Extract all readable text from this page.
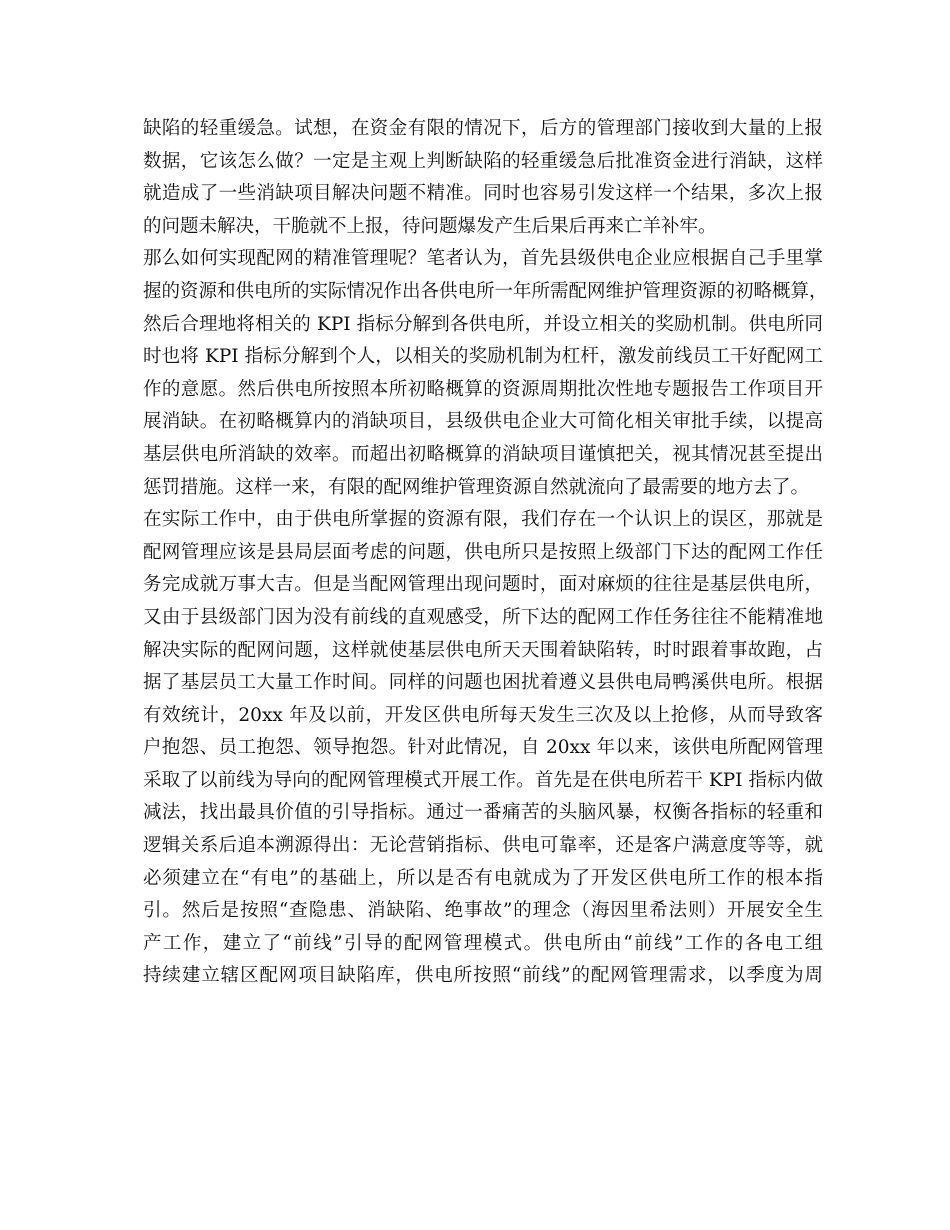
缺陷的轻重缓急。试想，在资金有限的情况下，后方的管理部门接收到大量的上报
数据，它该怎么做？一定是主观上判断缺陷的轻重缓急后批准资金进行消缺，这样
就造成了一些消缺项目解决问题不精准。同时也容易引发这样一个结果，多次上报
的问题未解决，干脆就不上报，待问题爆发产生后果后再来亡羊补牢。
那么如何实现配网的精准管理呢？笔者认为，首先县级供电企业应根据自己手里掌
握的资源和供电所的实际情况作出各供电所一年所需配网维护管理资源的初略概算，
然后合理地将相关的 KPI 指标分解到各供电所，并设立相关的奖励机制。供电所同
时也将 KPI 指标分解到个人，以相关的奖励机制为杠杆，激发前线员工干好配网工
作的意愿。然后供电所按照本所初略概算的资源周期批次性地专题报告工作项目开
展消缺。在初略概算内的消缺项目，县级供电企业大可简化相关审批手续，以提高
基层供电所消缺的效率。而超出初略概算的消缺项目谨慎把关，视其情况甚至提出
惩罚措施。这样一来，有限的配网维护管理资源自然就流向了最需要的地方去了。
在实际工作中，由于供电所掌握的资源有限，我们存在一个认识上的误区，那就是
配网管理应该是县局层面考虑的问题，供电所只是按照上级部门下达的配网工作任
务完成就万事大吉。但是当配网管理出现问题时，面对麻烦的往往是基层供电所，
又由于县级部门因为没有前线的直观感受，所下达的配网工作任务往往不能精准地
解决实际的配网问题，这样就使基层供电所天天围着缺陷转，时时跟着事故跑，占
据了基层员工大量工作时间。同样的问题也困扰着遵义县供电局鸭溪供电所。根据
有效统计，20xx 年及以前，开发区供电所每天发生三次及以上抢修，从而导致客
户抱怨、员工抱怨、领导抱怨。针对此情况，自 20xx 年以来，该供电所配网管理
采取了以前线为导向的配网管理模式开展工作。首先是在供电所若干 KPI 指标内做
减法，找出最具价值的引导指标。通过一番痛苦的头脑风暴，权衡各指标的轻重和
逻辑关系后追本溯源得出：无论营销指标、供电可靠率，还是客户满意度等等，就
必须建立在“有电”的基础上，所以是否有电就成为了开发区供电所工作的根本指
引。然后是按照“查隐患、消缺陷、绝事故”的理念（海因里希法则）开展安全生
产工作，建立了“前线”引导的配网管理模式。供电所由“前线”工作的各电工组
持续建立辖区配网项目缺陷库，供电所按照“前线”的配网管理需求，以季度为周
